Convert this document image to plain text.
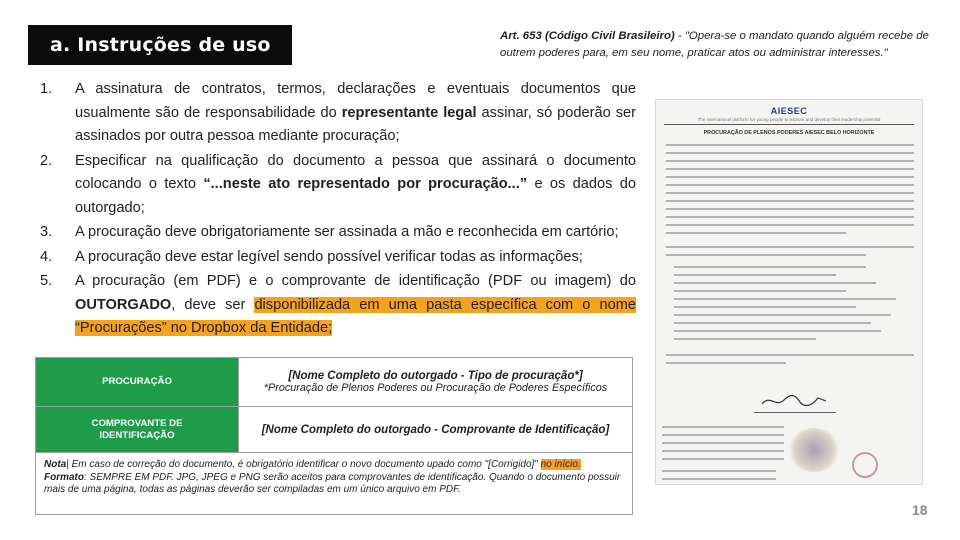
a. Instruções de uso	Art. 653 (Código Civil Brasileiro) - "Opera-se o mandato quando alguém recebe de outrem poderes para, em seu nome, praticar atos ou administrar interesses."
1. A assinatura de contratos, termos, declarações e eventuais documentos que usualmente são de responsabilidade do representante legal assinar, só poderão ser assinados por outra pessoa mediante procuração;
2. Especificar na qualificação do documento a pessoa que assinará o documento colocando o texto “...neste ato representado por procuração...” e os dados do outorgado;
3. A procuração deve obrigatoriamente ser assinada a mão e reconhecida em cartório;
4. A procuração deve estar legível sendo possível verificar todas as informações;
5. A procuração (em PDF) e o comprovante de identificação (PDF ou imagem) do OUTORGADO, deve ser disponibilizada em uma pasta específica com o nome “Procurações” no Dropbox da Entidade;
AIESEC
The international platform for young people to explore and develop their leadership potential
PROCURAÇÃO DE PLENOS PODERES AIESEC BELO HORIZONTE
PROCURAÇÃO	[Nome Completo do outorgado - Tipo de procuração*]
*Procuração de Plenos Poderes ou Procuração de Poderes Específicos
COMPROVANTE DE
IDENTIFICAÇÃO	[Nome Completo do outorgado - Comprovante de Identificação]
Nota| Em caso de correção do documento, é obrigatório identificar o novo documento upado como "[Corrigido]" no início.
Formato: SEMPRE EM PDF. JPG, JPEG e PNG serão aceitos para comprovantes de identificação. Quando o documento possuir mais de uma página, todas as páginas deverão ser compiladas em um único arquivo em PDF.
18
